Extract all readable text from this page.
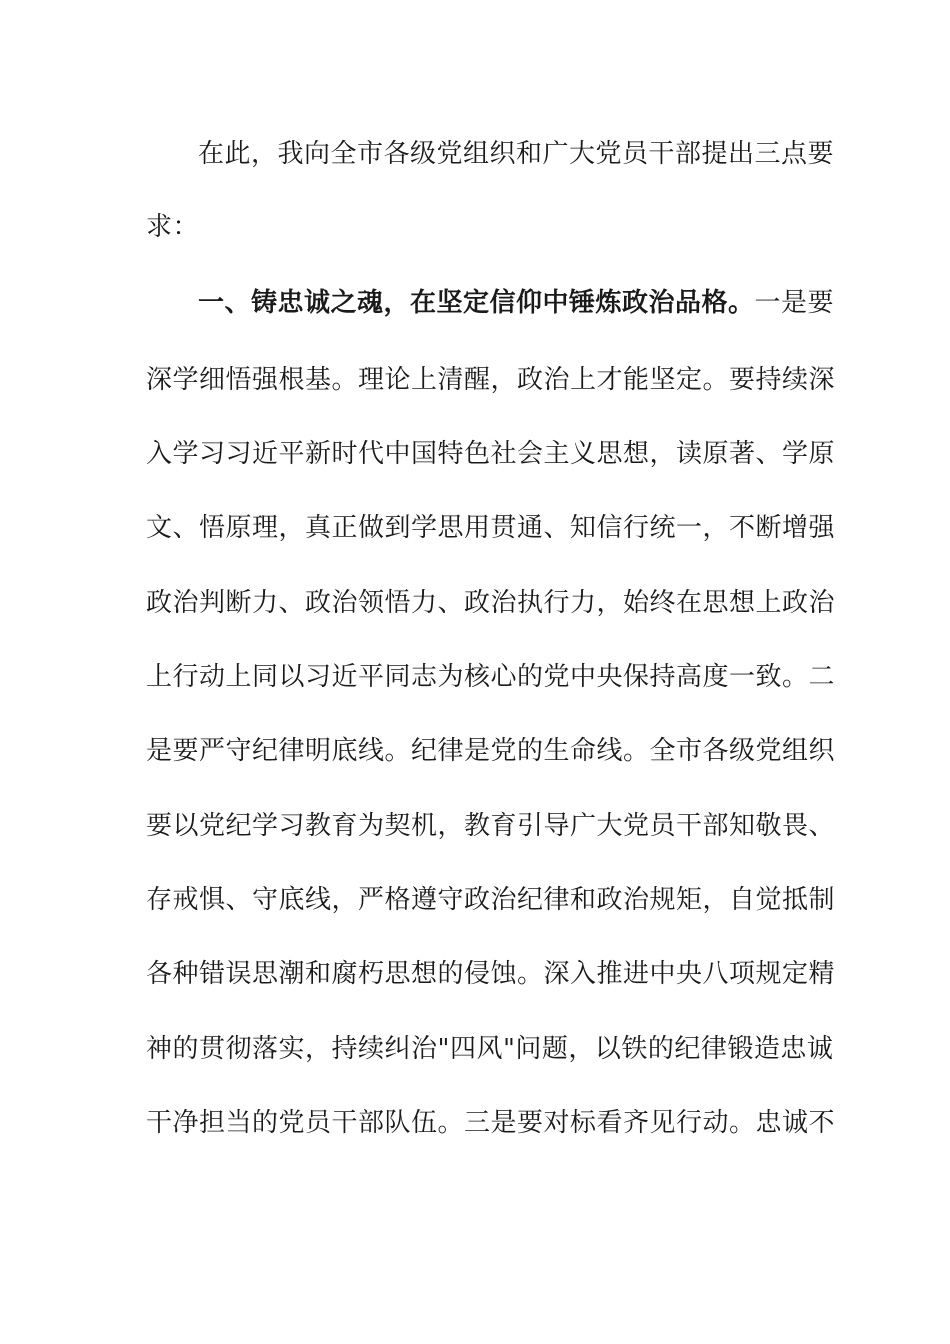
在此，我向全市各级党组织和广大党员干部提出三点要
求：
一、铸忠诚之魂，在坚定信仰中锤炼政治品格。一是要
深学细悟强根基。理论上清醒，政治上才能坚定。要持续深
入学习习近平新时代中国特色社会主义思想，读原著、学原
文、悟原理，真正做到学思用贯通、知信行统一，不断增强
政治判断力、政治领悟力、政治执行力，始终在思想上政治
上行动上同以习近平同志为核心的党中央保持高度一致。二
是要严守纪律明底线。纪律是党的生命线。全市各级党组织
要以党纪学习教育为契机，教育引导广大党员干部知敬畏、
存戒惧、守底线，严格遵守政治纪律和政治规矩，自觉抵制
各种错误思潮和腐朽思想的侵蚀。深入推进中央八项规定精
神的贯彻落实，持续纠治"四风"问题，以铁的纪律锻造忠诚
干净担当的党员干部队伍。三是要对标看齐见行动。忠诚不
